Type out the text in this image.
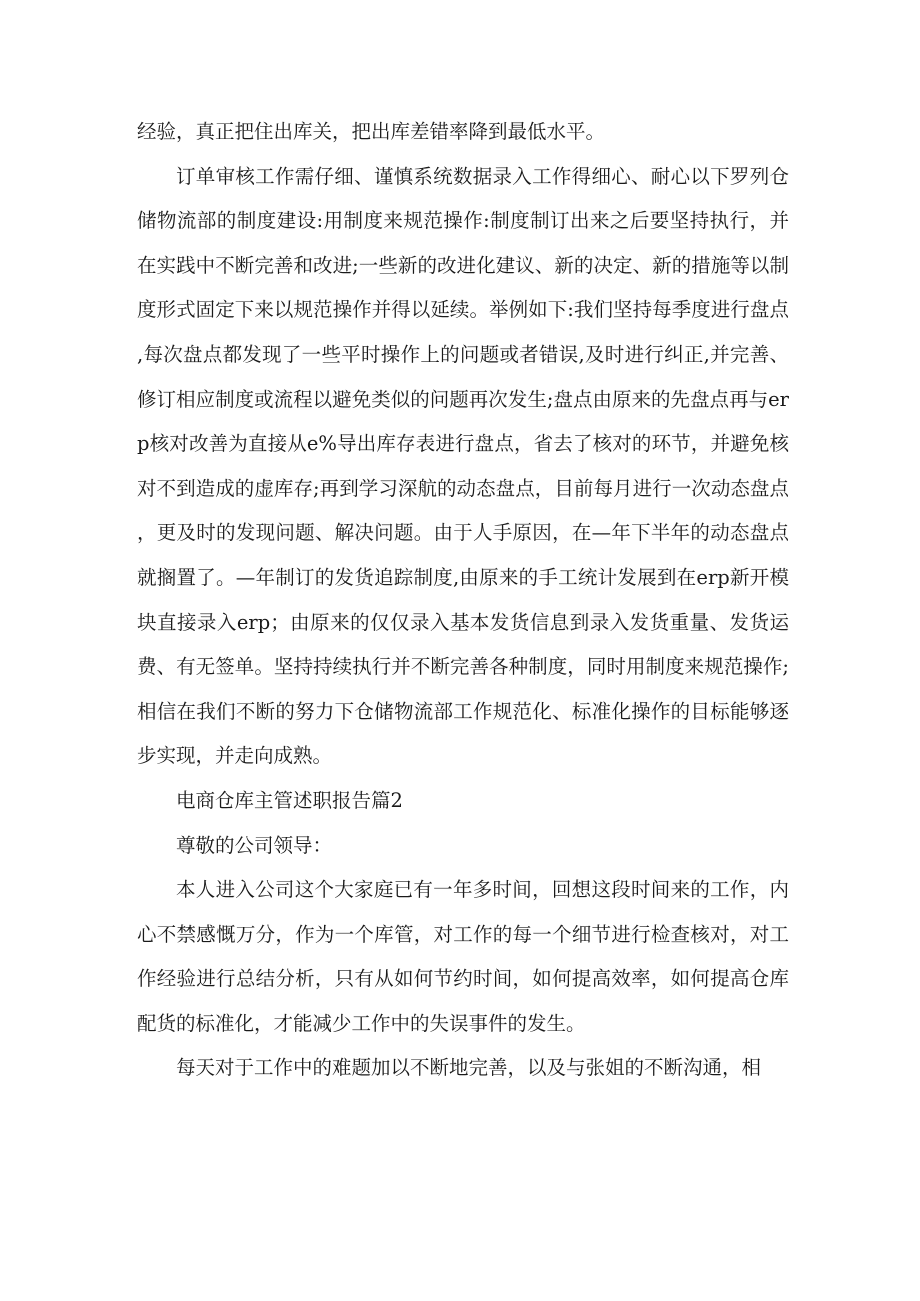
经验，真正把住出库关，把出库差错率降到最低水平。

订单审核工作需仔细、谨慎系统数据录入工作得细心、耐心以下罗列仓储物流部的制度建设:用制度来规范操作:制度制订出来之后要坚持执行，并在实践中不断完善和改进;一些新的改进化建议、新的决定、新的措施等以制度形式固定下来以规范操作并得以延续。举例如下:我们坚持每季度进行盘点,每次盘点都发现了一些平时操作上的问题或者错误,及时进行纠正,并完善、修订相应制度或流程以避免类似的问题再次发生;盘点由原来的先盘点再与erp核对改善为直接从e%导出库存表进行盘点，省去了核对的环节，并避免核对不到造成的虚库存;再到学习深航的动态盘点，目前每月进行一次动态盘点，更及时的发现问题、解决问题。由于人手原因，在—年下半年的动态盘点就搁置了。—年制订的发货追踪制度,由原来的手工统计发展到在erp新开模块直接录入erp；由原来的仅仅录入基本发货信息到录入发货重量、发货运费、有无签单。坚持持续执行并不断完善各种制度，同时用制度来规范操作;相信在我们不断的努力下仓储物流部工作规范化、标准化操作的目标能够逐步实现，并走向成熟。

电商仓库主管述职报告篇2

尊敬的公司领导：

本人进入公司这个大家庭已有一年多时间，回想这段时间来的工作，内心不禁感慨万分，作为一个库管，对工作的每一个细节进行检查核对，对工作经验进行总结分析，只有从如何节约时间，如何提高效率，如何提高仓库配货的标准化，才能减少工作中的失误事件的发生。

每天对于工作中的难题加以不断地完善，以及与张姐的不断沟通，相
